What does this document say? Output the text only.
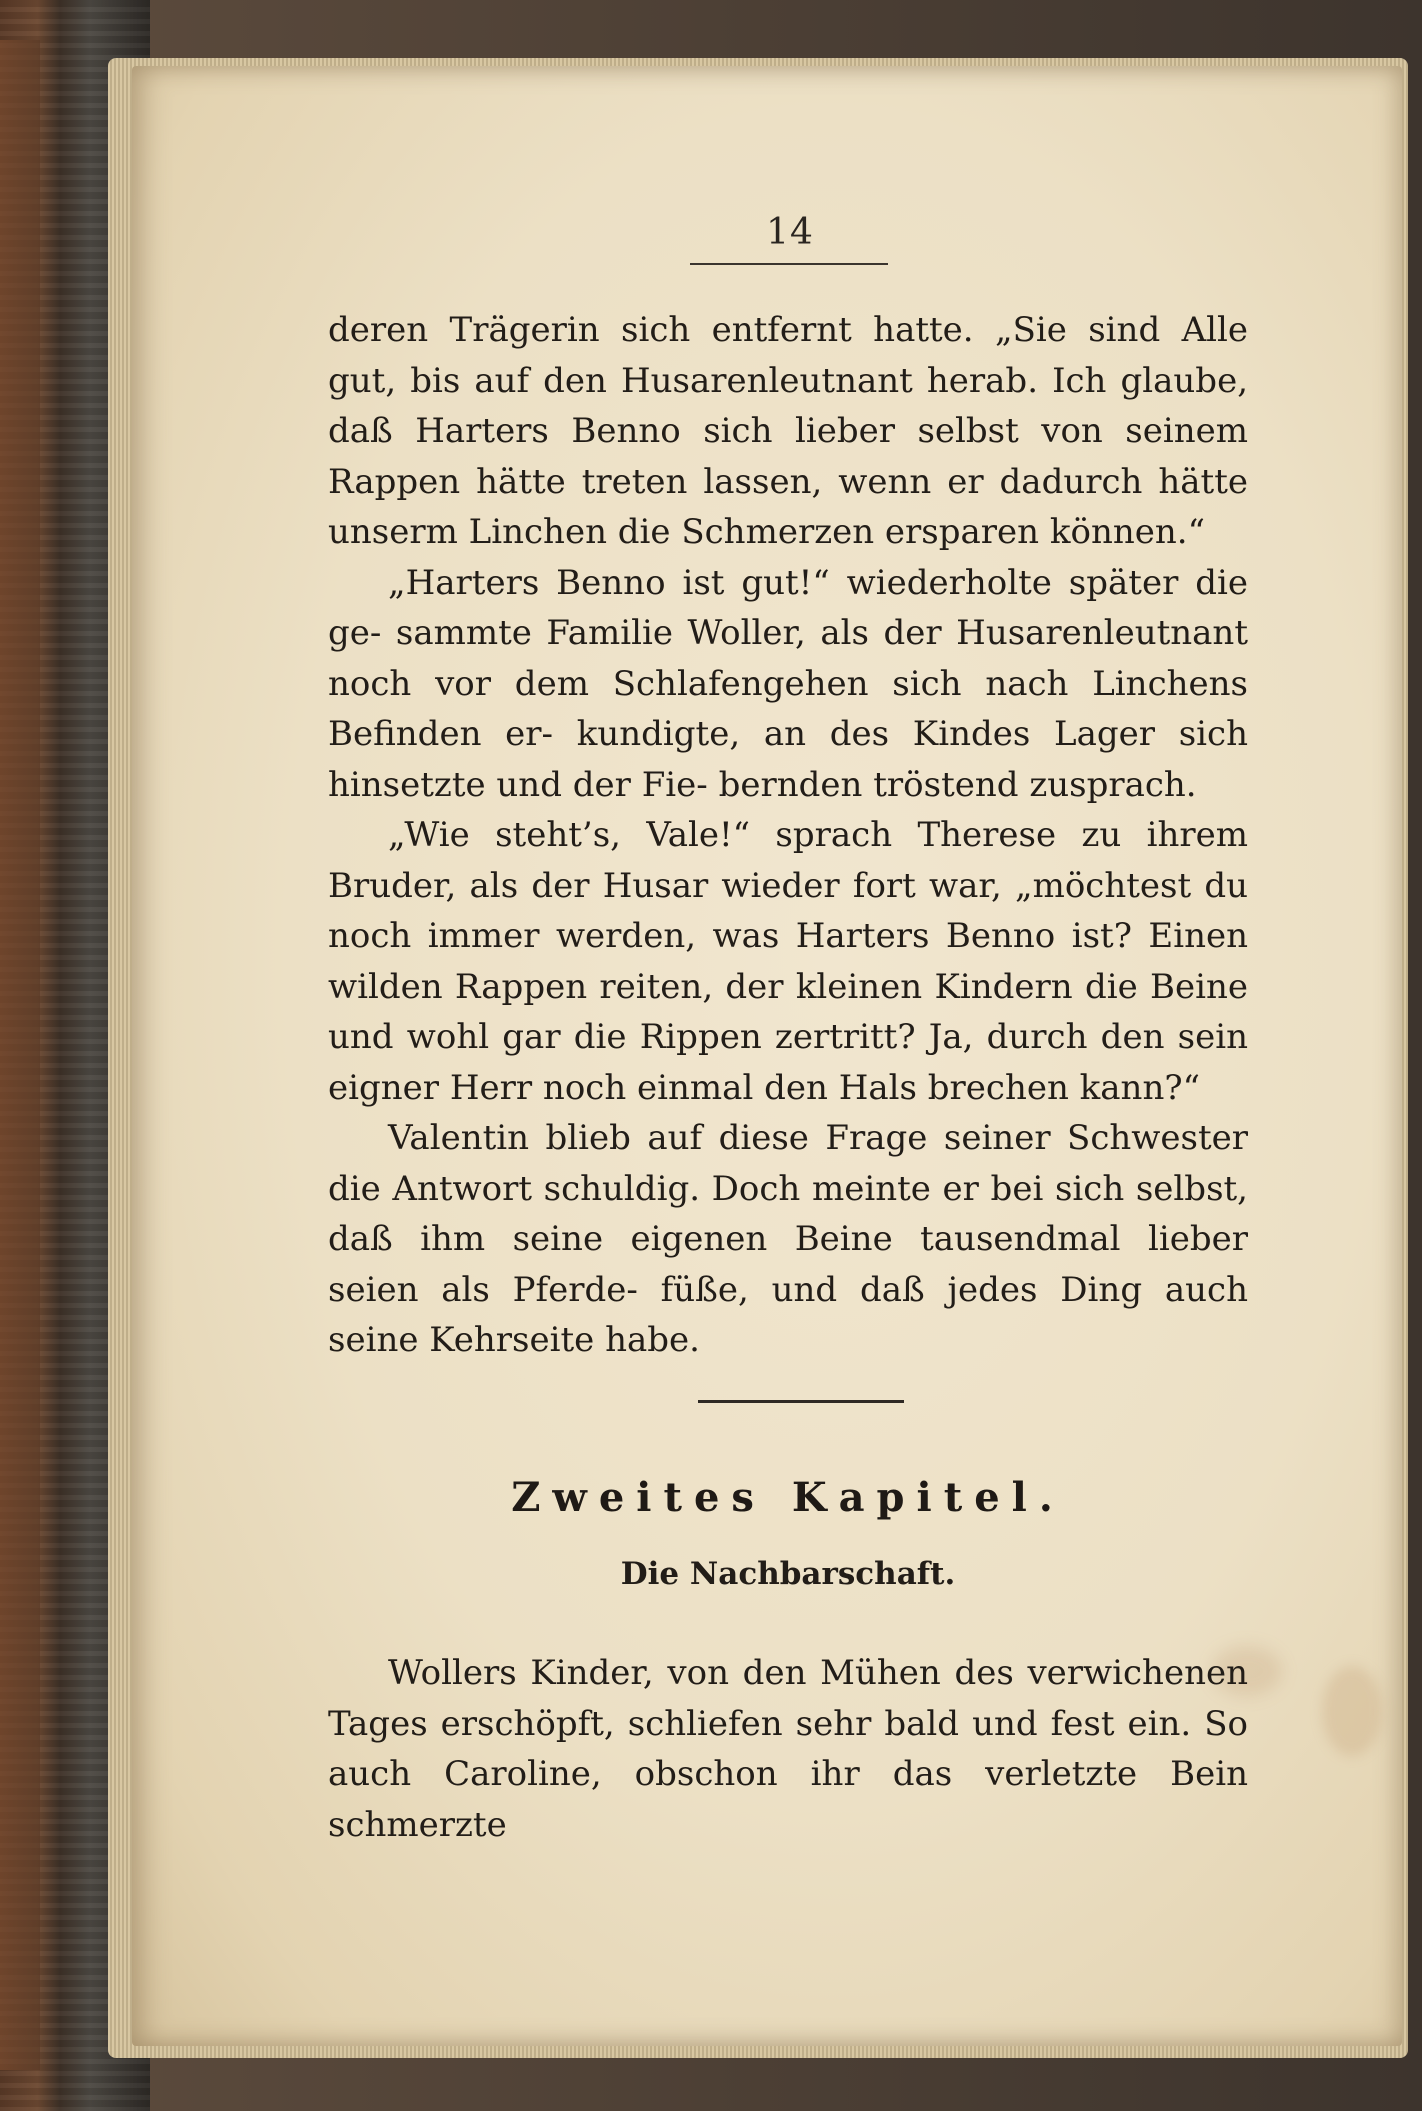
14

deren Trägerin sich entfernt hatte. „Sie sind Alle gut, bis auf den Husarenleutnant herab. Ich glaube, daß Harters Benno sich lieber selbst von seinem Rappen hätte treten lassen, wenn er dadurch hätte unserm Linchen die Schmerzen ersparen können.“

„Harters Benno ist gut!“ wiederholte später die ge- sammte Familie Woller, als der Husarenleutnant noch vor dem Schlafengehen sich nach Linchens Befinden er- kundigte, an des Kindes Lager sich hinsetzte und der Fie- bernden tröstend zusprach.

„Wie steht’s, Vale!“ sprach Therese zu ihrem Bruder, als der Husar wieder fort war, „möchtest du noch immer werden, was Harters Benno ist? Einen wilden Rappen reiten, der kleinen Kindern die Beine und wohl gar die Rippen zertritt? Ja, durch den sein eigner Herr noch einmal den Hals brechen kann?“

Valentin blieb auf diese Frage seiner Schwester die Antwort schuldig. Doch meinte er bei sich selbst, daß ihm seine eigenen Beine tausendmal lieber seien als Pferde- füße, und daß jedes Ding auch seine Kehrseite habe.

Zweites Kapitel.
Die Nachbarschaft.

Wollers Kinder, von den Mühen des verwichenen Tages erschöpft, schliefen sehr bald und fest ein. So auch Caroline, obschon ihr das verletzte Bein schmerzte
